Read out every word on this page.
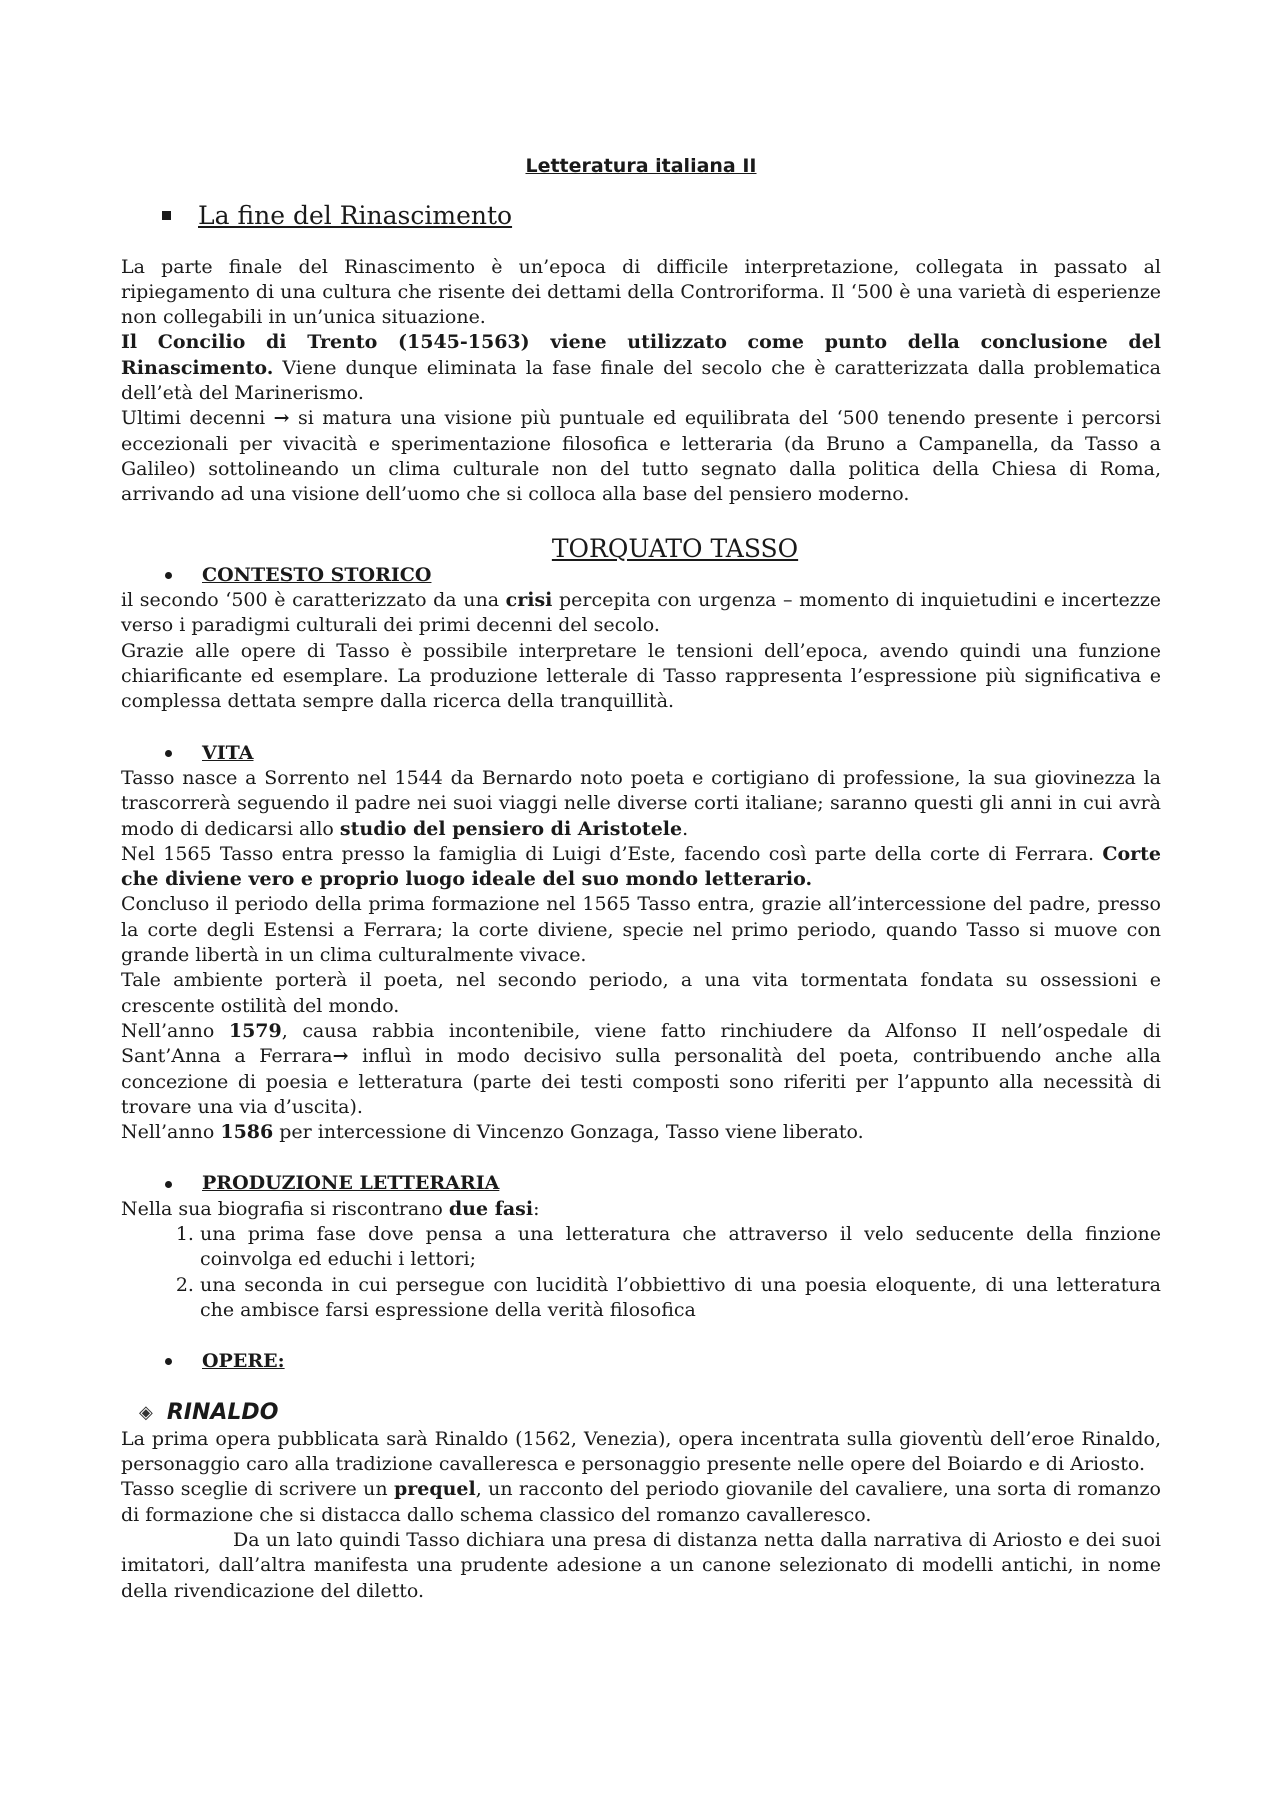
Letteratura italiana II

La fine del Rinascimento

La parte finale del Rinascimento è un’epoca di difficile interpretazione, collegata in passato al ripiegamento di una cultura che risente dei dettami della Controriforma. Il ‘500 è una varietà di esperienze non collegabili in un’unica situazione.

Il Concilio di Trento (1545-1563) viene utilizzato come punto della conclusione del Rinascimento. Viene dunque eliminata la fase finale del secolo che è caratterizzata dalla problematica dell’età del Marinerismo.

Ultimi decenni → si matura una visione più puntuale ed equilibrata del ‘500 tenendo presente i percorsi eccezionali per vivacità e sperimentazione filosofica e letteraria (da Bruno a Campanella, da Tasso a Galileo) sottolineando un clima culturale non del tutto segnato dalla politica della Chiesa di Roma, arrivando ad una visione dell’uomo che si colloca alla base del pensiero moderno.

TORQUATO TASSO

CONTESTO STORICO

il secondo ‘500 è caratterizzato da una crisi percepita con urgenza – momento di inquietudini e incertezze verso i paradigmi culturali dei primi decenni del secolo.

Grazie alle opere di Tasso è possibile interpretare le tensioni dell’epoca, avendo quindi una funzione chiarificante ed esemplare. La produzione letterale di Tasso rappresenta l’espressione più significativa e complessa dettata sempre dalla ricerca della tranquillità.

VITA

Tasso nasce a Sorrento nel 1544 da Bernardo noto poeta e cortigiano di professione, la sua giovinezza la trascorrerà seguendo il padre nei suoi viaggi nelle diverse corti italiane; saranno questi gli anni in cui avrà modo di dedicarsi allo studio del pensiero di Aristotele.

Nel 1565 Tasso entra presso la famiglia di Luigi d’Este, facendo così parte della corte di Ferrara. Corte che diviene vero e proprio luogo ideale del suo mondo letterario.

Concluso il periodo della prima formazione nel 1565 Tasso entra, grazie all’intercessione del padre, presso la corte degli Estensi a Ferrara; la corte diviene, specie nel primo periodo, quando Tasso si muove con grande libertà in un clima culturalmente vivace.

Tale ambiente porterà il poeta, nel secondo periodo, a una vita tormentata fondata su ossessioni e crescente ostilità del mondo.

Nell’anno 1579, causa rabbia incontenibile, viene fatto rinchiudere da Alfonso II nell’ospedale di Sant’Anna a Ferrara→ influì in modo decisivo sulla personalità del poeta, contribuendo anche alla concezione di poesia e letteratura (parte dei testi composti sono riferiti per l’appunto alla necessità di trovare una via d’uscita).

Nell’anno 1586 per intercessione di Vincenzo Gonzaga, Tasso viene liberato.

PRODUZIONE LETTERARIA

Nella sua biografia si riscontrano due fasi:

1. una prima fase dove pensa a una letteratura che attraverso il velo seducente della finzione coinvolga ed educhi i lettori;
2. una seconda in cui persegue con lucidità l’obbiettivo di una poesia eloquente, di una letteratura che ambisce farsi espressione della verità filosofica
OPERE:
◈ RINALDO

La prima opera pubblicata sarà Rinaldo (1562, Venezia), opera incentrata sulla gioventù dell’eroe Rinaldo, personaggio caro alla tradizione cavalleresca e personaggio presente nelle opere del Boiardo e di Ariosto.

Tasso sceglie di scrivere un prequel, un racconto del periodo giovanile del cavaliere, una sorta di romanzo di formazione che si distacca dallo schema classico del romanzo cavalleresco.

Da un lato quindi Tasso dichiara una presa di distanza netta dalla narrativa di Ariosto e dei suoi imitatori, dall’altra manifesta una prudente adesione a un canone selezionato di modelli antichi, in nome della rivendicazione del diletto.
